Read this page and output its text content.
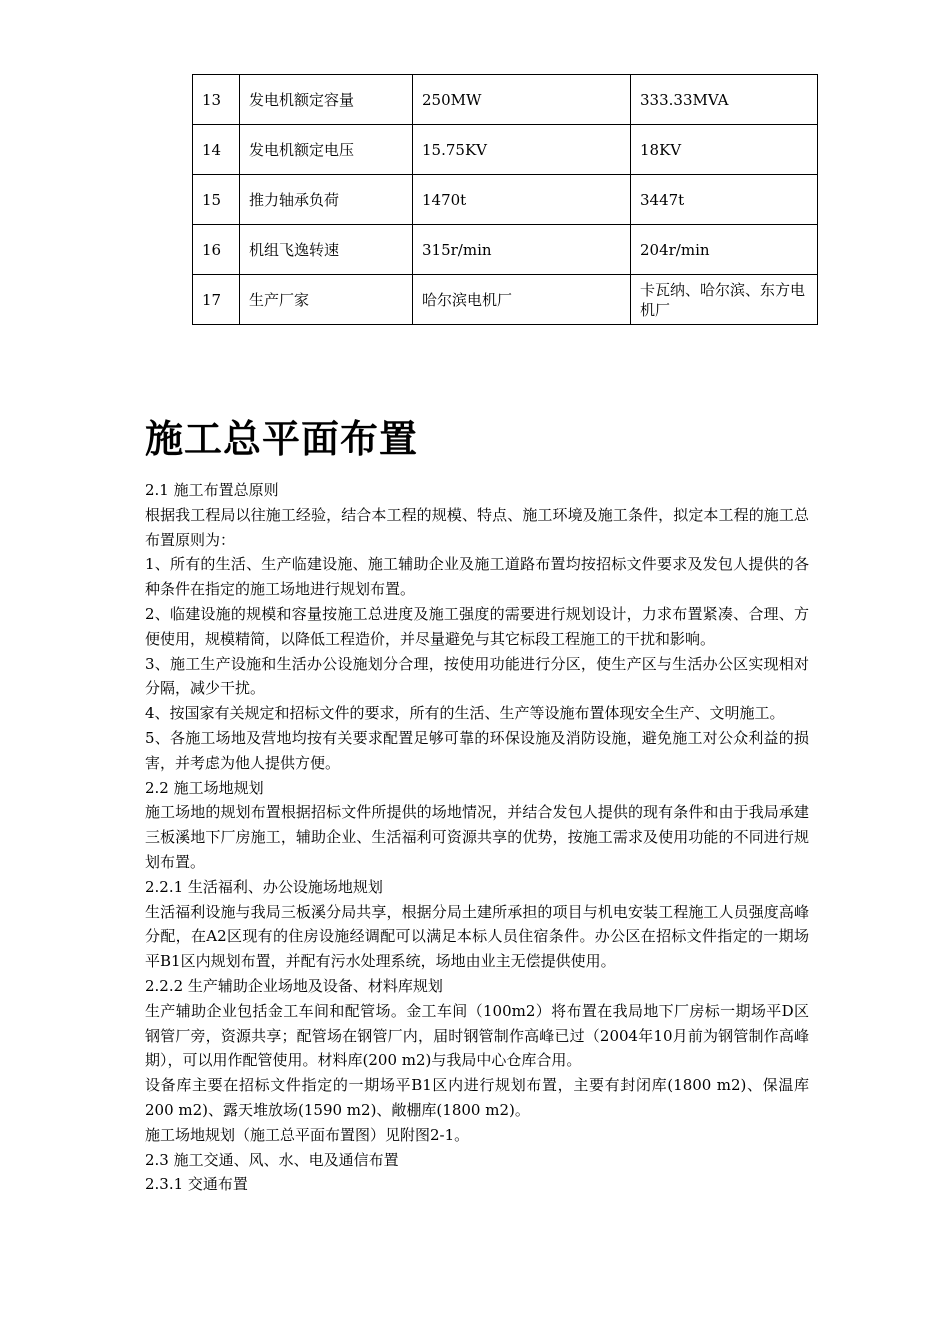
13	发电机额定容量	250MW	333.33MVA
14	发电机额定电压	15.75KV	18KV
15	推力轴承负荷	1470t	3447t
16	机组飞逸转速	315r/min	204r/min
17	生产厂家	哈尔滨电机厂	卡瓦纳、哈尔滨、东方电机厂
施工总平面布置

2.1 施工布置总原则

根据我工程局以往施工经验，结合本工程的规模、特点、施工环境及施工条件，拟定本工程的施工总布置原则为：

1、所有的生活、生产临建设施、施工辅助企业及施工道路布置均按招标文件要求及发包人提供的各种条件在指定的施工场地进行规划布置。

2、临建设施的规模和容量按施工总进度及施工强度的需要进行规划设计，力求布置紧凑、合理、方便使用，规模精简，以降低工程造价，并尽量避免与其它标段工程施工的干扰和影响。

3、施工生产设施和生活办公设施划分合理，按使用功能进行分区，使生产区与生活办公区实现相对分隔，减少干扰。

4、按国家有关规定和招标文件的要求，所有的生活、生产等设施布置体现安全生产、文明施工。

5、各施工场地及营地均按有关要求配置足够可靠的环保设施及消防设施，避免施工对公众利益的损害，并考虑为他人提供方便。

2.2 施工场地规划

施工场地的规划布置根据招标文件所提供的场地情况，并结合发包人提供的现有条件和由于我局承建三板溪地下厂房施工，辅助企业、生活福利可资源共享的优势，按施工需求及使用功能的不同进行规划布置。

2.2.1 生活福利、办公设施场地规划

生活福利设施与我局三板溪分局共享，根据分局土建所承担的项目与机电安装工程施工人员强度高峰分配，在A2区现有的住房设施经调配可以满足本标人员住宿条件。办公区在招标文件指定的一期场平B1区内规划布置，并配有污水处理系统，场地由业主无偿提供使用。

2.2.2 生产辅助企业场地及设备、材料库规划

生产辅助企业包括金工车间和配管场。金工车间（100m2）将布置在我局地下厂房标一期场平D区钢管厂旁，资源共享；配管场在钢管厂内，届时钢管制作高峰已过（2004年10月前为钢管制作高峰期），可以用作配管使用。材料库(200 m2)与我局中心仓库合用。

设备库主要在招标文件指定的一期场平B1区内进行规划布置，主要有封闭库(1800 m2)、保温库200 m2)、露天堆放场(1590 m2)、敞棚库(1800 m2)。

施工场地规划（施工总平面布置图）见附图2-1。

2.3 施工交通、风、水、电及通信布置

2.3.1 交通布置
